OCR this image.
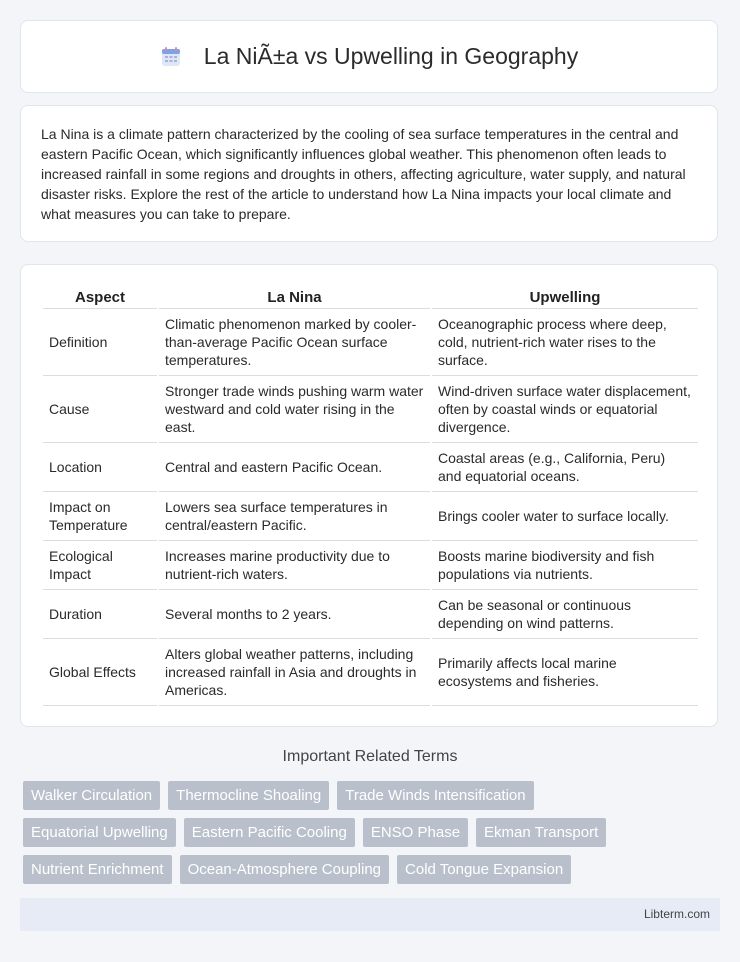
La NiÃ±a vs Upwelling in Geography

La Nina is a climate pattern characterized by the cooling of sea surface temperatures in the central and eastern Pacific Ocean, which significantly influences global weather. This phenomenon often leads to increased rainfall in some regions and droughts in others, affecting agriculture, water supply, and natural disaster risks. Explore the rest of the article to understand how La Nina impacts your local climate and what measures you can take to prepare.

Aspect	La Nina	Upwelling
Definition	Climatic phenomenon marked by cooler-than-average Pacific Ocean surface temperatures.	Oceanographic process where deep, cold, nutrient-rich water rises to the surface.
Cause	Stronger trade winds pushing warm water westward and cold water rising in the east.	Wind-driven surface water displacement, often by coastal winds or equatorial divergence.
Location	Central and eastern Pacific Ocean.	Coastal areas (e.g., California, Peru) and equatorial oceans.
Impact on Temperature	Lowers sea surface temperatures in central/eastern Pacific.	Brings cooler water to surface locally.
Ecological Impact	Increases marine productivity due to nutrient-rich waters.	Boosts marine biodiversity and fish populations via nutrients.
Duration	Several months to 2 years.	Can be seasonal or continuous depending on wind patterns.
Global Effects	Alters global weather patterns, including increased rainfall in Asia and droughts in Americas.	Primarily affects local marine ecosystems and fisheries.
Important Related Terms
Walker Circulation	Thermocline Shoaling	Trade Winds Intensification
Equatorial Upwelling	Eastern Pacific Cooling	ENSO Phase	Ekman Transport
Nutrient Enrichment	Ocean-Atmosphere Coupling	Cold Tongue Expansion
Libterm.com
